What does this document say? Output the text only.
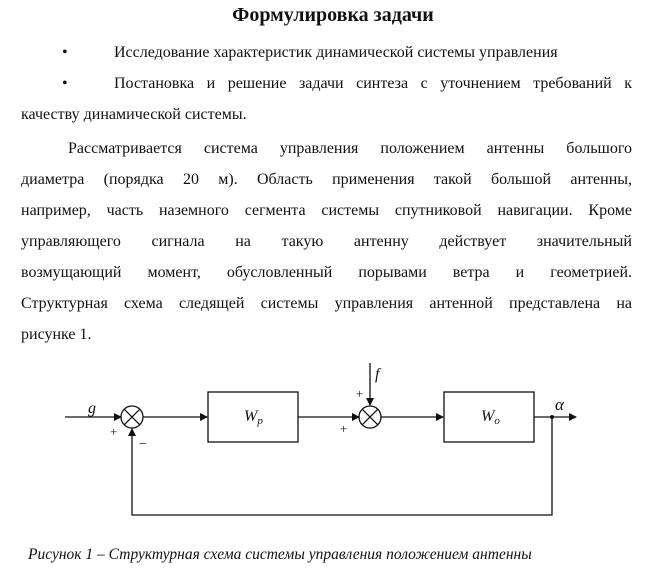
Формулировка задачи
•	Исследование характеристик динамической системы управления
•	Постановка и решение задачи синтеза с уточнением требований к
качеству динамической системы.
Рассматривается система управления положением антенны большого
диаметра (порядка 20 м). Область применения такой большой антенны,
например, часть наземного сегмента системы спутниковой навигации. Кроме
управляющего сигнала на такую антенну действует значительный
возмущающий момент, обусловленный порывами ветра и геометрией.
Структурная схема следящей системы управления антенной представлена на
рисунке 1.
g
+
−
f
+
+
α
Wр	Wо
Рисунок 1 – Структурная схема системы управления положением антенны
